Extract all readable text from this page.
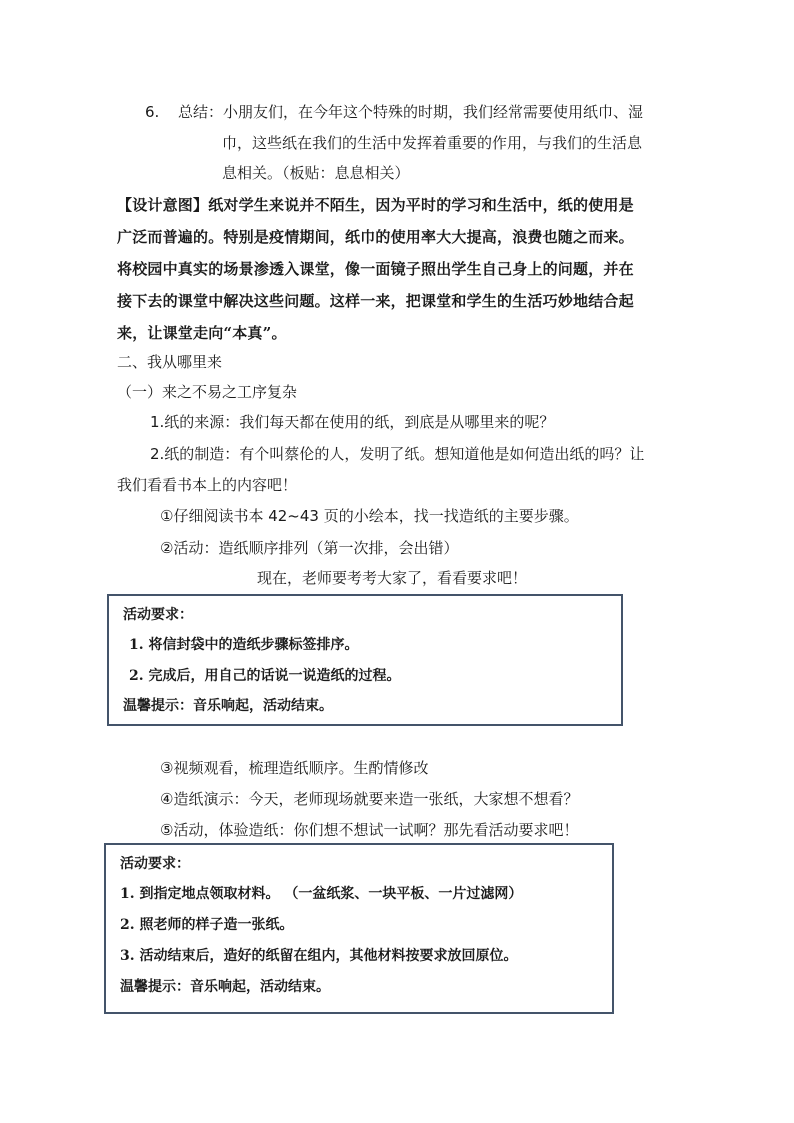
6. 总结：小朋友们，在今年这个特殊的时期，我们经常需要使用纸巾、湿
巾，这些纸在我们的生活中发挥着重要的作用，与我们的生活息
息相关。（板贴：息息相关）
【设计意图】纸对学生来说并不陌生，因为平时的学习和生活中，纸的使用是
广泛而普遍的。特别是疫情期间，纸巾的使用率大大提高，浪费也随之而来。
将校园中真实的场景渗透入课堂，像一面镜子照出学生自己身上的问题，并在
接下去的课堂中解决这些问题。这样一来，把课堂和学生的生活巧妙地结合起
来，让课堂走向“本真”。
二、我从哪里来
（一）来之不易之工序复杂
1.纸的来源：我们每天都在使用的纸，到底是从哪里来的呢？
2.纸的制造：有个叫蔡伦的人，发明了纸。想知道他是如何造出纸的吗？让
我们看看书本上的内容吧！
①仔细阅读书本 42~43 页的小绘本，找一找造纸的主要步骤。
②活动：造纸顺序排列（第一次排，会出错）
现在，老师要考考大家了，看看要求吧！
活动要求：
1. 将信封袋中的造纸步骤标签排序。
2. 完成后，用自己的话说一说造纸的过程。
温馨提示：音乐响起，活动结束。
③视频观看，梳理造纸顺序。生酌情修改
④造纸演示：今天，老师现场就要来造一张纸，大家想不想看？
⑤活动，体验造纸：你们想不想试一试啊？那先看活动要求吧！
活动要求：
1. 到指定地点领取材料。 （一盆纸浆、一块平板、一片过滤网）
2. 照老师的样子造一张纸。
3. 活动结束后，造好的纸留在组内，其他材料按要求放回原位。
温馨提示：音乐响起，活动结束。
